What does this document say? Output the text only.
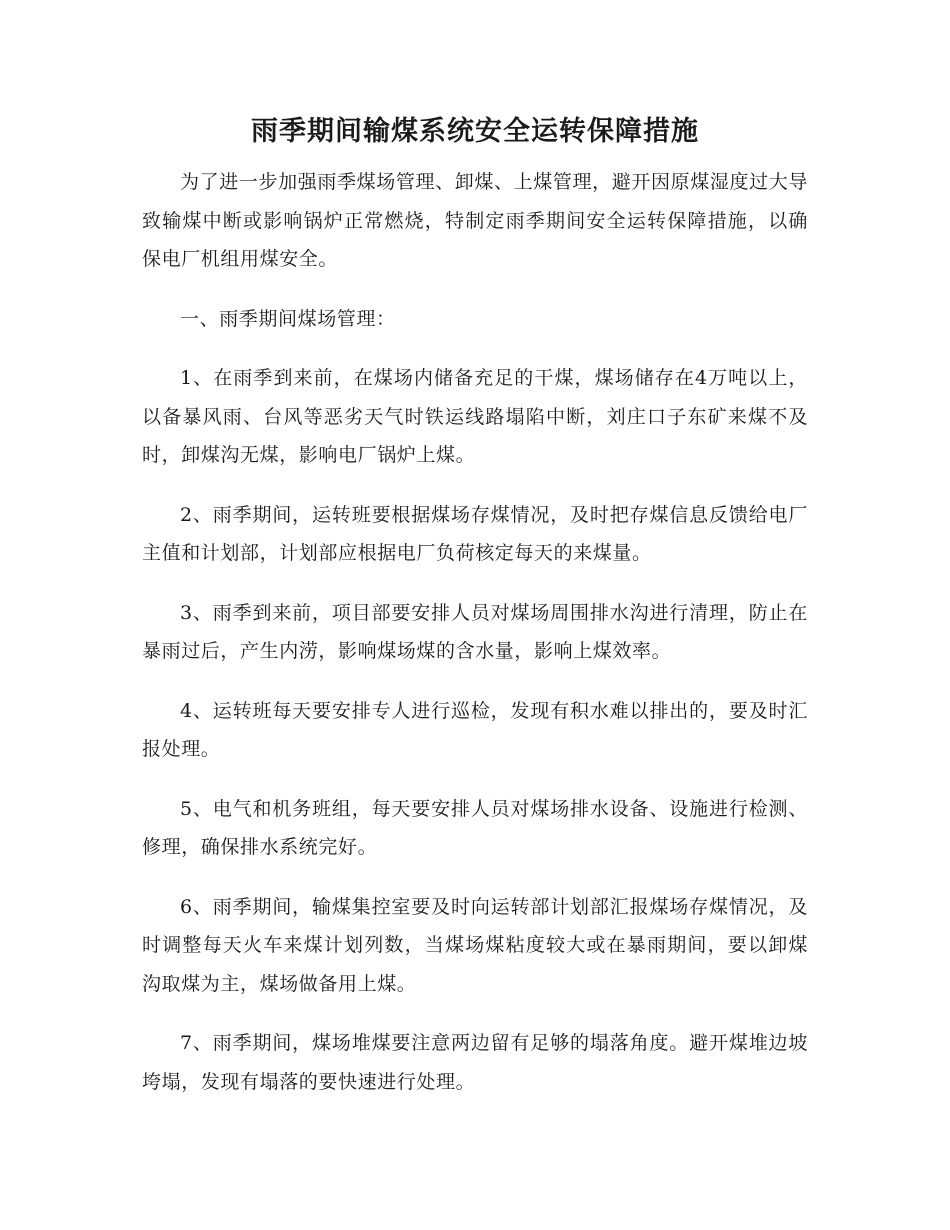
雨季期间输煤系统安全运转保障措施

为了进一步加强雨季煤场管理、卸煤、上煤管理，避开因原煤湿度过大导致输煤中断或影响锅炉正常燃烧，特制定雨季期间安全运转保障措施，以确保电厂机组用煤安全。

一、雨季期间煤场管理：

1、在雨季到来前，在煤场内储备充足的干煤，煤场储存在4万吨以上，以备暴风雨、台风等恶劣天气时铁运线路塌陷中断，刘庄口子东矿来煤不及时，卸煤沟无煤，影响电厂锅炉上煤。

2、雨季期间，运转班要根据煤场存煤情况，及时把存煤信息反馈给电厂主值和计划部，计划部应根据电厂负荷核定每天的来煤量。

3、雨季到来前，项目部要安排人员对煤场周围排水沟进行清理，防止在暴雨过后，产生内涝，影响煤场煤的含水量，影响上煤效率。

4、运转班每天要安排专人进行巡检，发现有积水难以排出的，要及时汇报处理。

5、电气和机务班组，每天要安排人员对煤场排水设备、设施进行检测、修理，确保排水系统完好。

6、雨季期间，输煤集控室要及时向运转部计划部汇报煤场存煤情况，及时调整每天火车来煤计划列数，当煤场煤粘度较大或在暴雨期间，要以卸煤沟取煤为主，煤场做备用上煤。

7、雨季期间，煤场堆煤要注意两边留有足够的塌落角度。避开煤堆边坡垮塌，发现有塌落的要快速进行处理。
